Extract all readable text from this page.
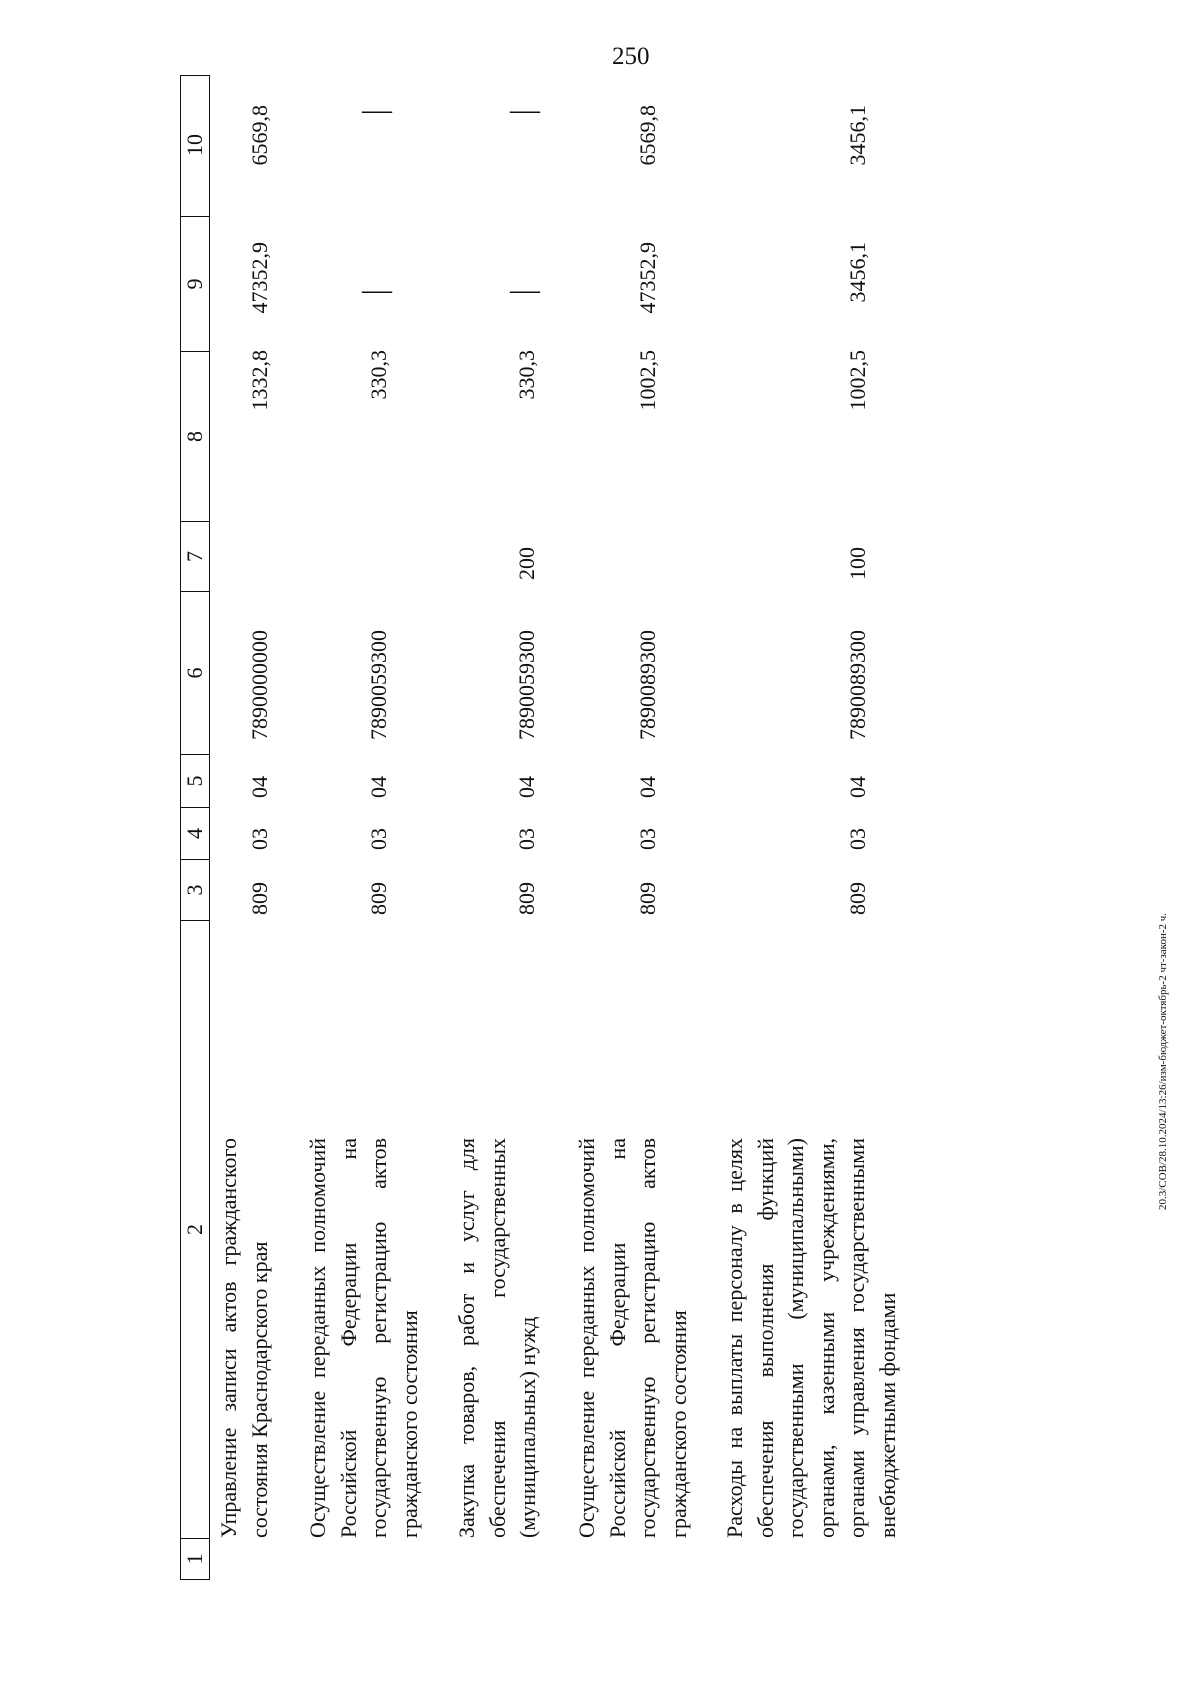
250
20.3/СОВ/28.10.2024/13:26/изм-бюджет-октябрь-2 чт-закон-2 ч.
1
2
3
4
5
6
7
8
9
10
Управление записи актов гражданского состояния Краснодарского края
809
03
04
7890000000
1332,8
47352,9
6569,8
Осуществление переданных полномочий Российской Федерации на государственную регистрацию актов гражданского состояния
809
03
04
7890059300
330,3
—
—
Закупка товаров, работ и услуг для обеспечения государственных (муниципальных) нужд
809
03
04
7890059300
200
330,3
—
—
Осуществление переданных полномочий Российской Федерации на государственную регистрацию актов гражданского состояния
809
03
04
7890089300
1002,5
47352,9
6569,8
Расходы на выплаты персоналу в целях обеспечения выполнения функций государственными (муниципальными) органами, казенными учреждениями, органами управления государственными внебюджетными фондами
809
03
04
7890089300
100
1002,5
3456,1
3456,1
